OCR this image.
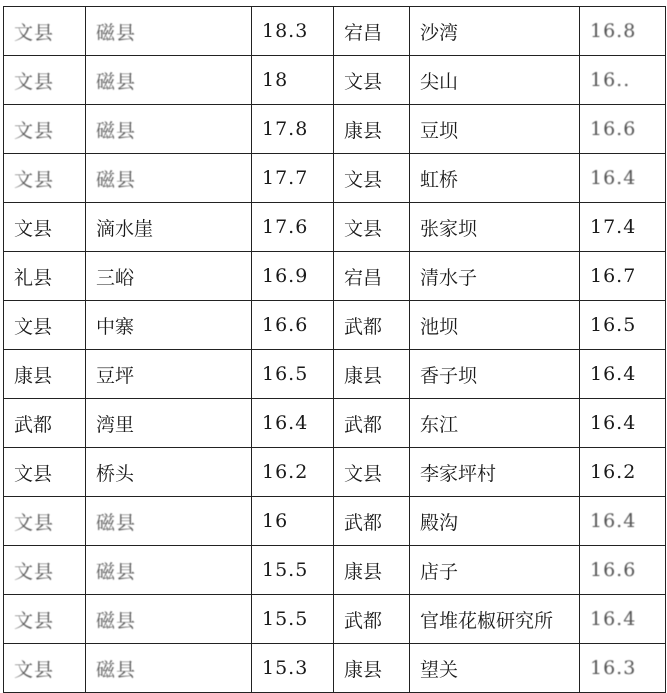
文县	磁县	18.3	宕昌	沙湾	16.8
文县	磁县	18	文县	尖山	16..
文县	磁县	17.8	康县	豆坝	16.6
文县	磁县	17.7	文县	虹桥	16.4
文县	滴水崖	17.6	文县	张家坝	17.4
礼县	三峪	16.9	宕昌	清水子	16.7
文县	中寨	16.6	武都	池坝	16.5
康县	豆坪	16.5	康县	香子坝	16.4
武都	湾里	16.4	武都	东江	16.4
文县	桥头	16.2	文县	李家坪村	16.2
文县	磁县	16	武都	殿沟	16.4
文县	磁县	15.5	康县	店子	16.6
文县	磁县	15.5	武都	官堆花椒研究所	16.4
文县	磁县	15.3	康县	望关	16.3
